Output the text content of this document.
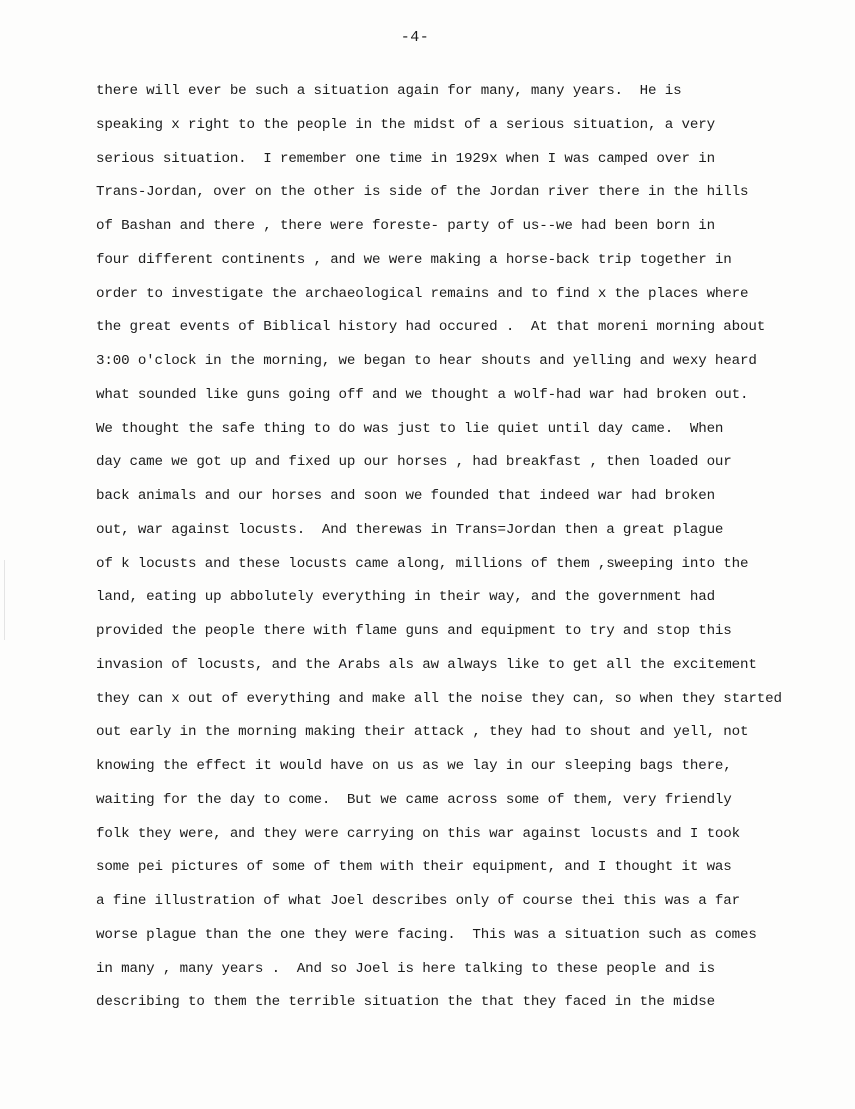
-4-
there will ever be such a situation again for many, many years.  He is
speaking x right to the people in the midst of a serious situation, a very
serious situation.  I remember one time in 1929x when I was camped over in
Trans-Jordan, over on the other is side of the Jordan river there in the hills
of Bashan and there , there were foreste- party of us--we had been born in
four different continents , and we were making a horse-back trip together in
order to investigate the archaeological remains and to find x the places where
the great events of Biblical history had occured .  At that moreni morning about
3:00 o'clock in the morning, we began to hear shouts and yelling and wexy heard
what sounded like guns going off and we thought a wolf-had war had broken out.
We thought the safe thing to do was just to lie quiet until day came.  When
day came we got up and fixed up our horses , had breakfast , then loaded our
back animals and our horses and soon we founded that indeed war had broken
out, war against locusts.  And therewas in Trans=Jordan then a great plague
of k locusts and these locusts came along, millions of them ,sweeping into the
land, eating up abbolutely everything in their way, and the government had
provided the people there with flame guns and equipment to try and stop this
invasion of locusts, and the Arabs als aw always like to get all the excitement
they can x out of everything and make all the noise they can, so when they started
out early in the morning making their attack , they had to shout and yell, not
knowing the effect it would have on us as we lay in our sleeping bags there,
waiting for the day to come.  But we came across some of them, very friendly
folk they were, and they were carrying on this war against locusts and I took
some pei pictures of some of them with their equipment, and I thought it was
a fine illustration of what Joel describes only of course thei this was a far
worse plague than the one they were facing.  This was a situation such as comes
in many , many years .  And so Joel is here talking to these people and is
describing to them the terrible situation the that they faced in the midse
